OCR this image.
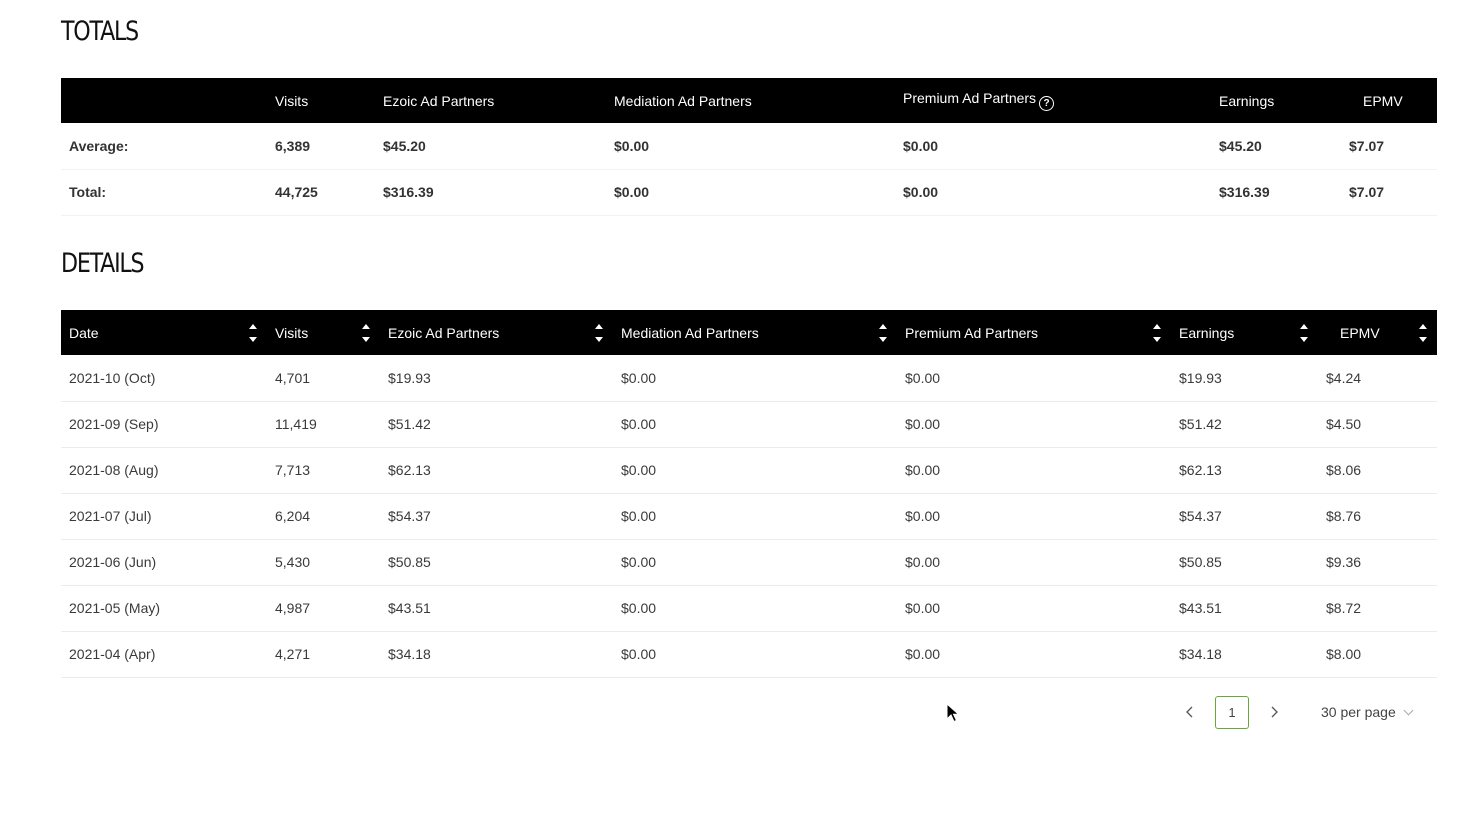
TOTALS
	Visits	Ezoic Ad Partners	Mediation Ad Partners	Premium Ad Partners ?	Earnings	EPMV
Average:	6,389	$45.20	$0.00	$0.00	$45.20	$7.07
Total:	44,725	$316.39	$0.00	$0.00	$316.39	$7.07
DETAILS
Date	Visits	Ezoic Ad Partners	Mediation Ad Partners	Premium Ad Partners	Earnings	EPMV

2021-10 (Oct)	4,701	$19.93	$0.00	$0.00	$19.93	$4.24
2021-09 (Sep)	11,419	$51.42	$0.00	$0.00	$51.42	$4.50
2021-08 (Aug)	7,713	$62.13	$0.00	$0.00	$62.13	$8.06
2021-07 (Jul)	6,204	$54.37	$0.00	$0.00	$54.37	$8.76
2021-06 (Jun)	5,430	$50.85	$0.00	$0.00	$50.85	$9.36
2021-05 (May)	4,987	$43.51	$0.00	$0.00	$43.51	$8.72
2021-04 (Apr)	4,271	$34.18	$0.00	$0.00	$34.18	$8.00
1	30 per page
